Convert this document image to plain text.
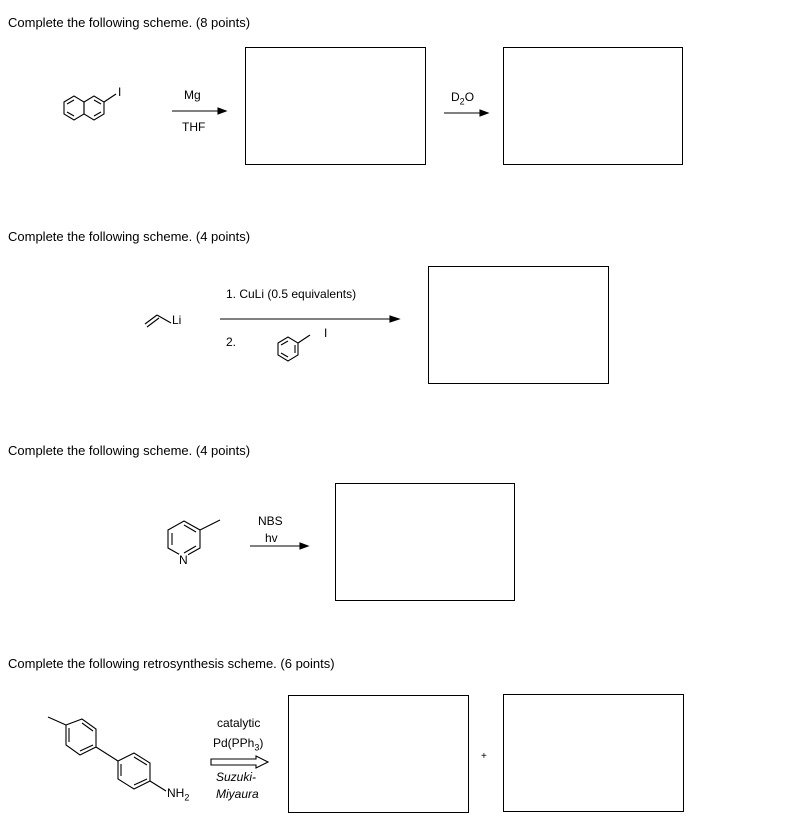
Complete the following scheme. (8 points)
I	Mg
THF
$D_2O$
Complete the following scheme. (4 points)
Li
1. CuLi (0.5 equivalents)
2.
I
Complete the following scheme. (4 points)
N
NBS
hv
Complete the following retrosynthesis scheme. (6 points)
$NH_2$
catalytic
Pd(PPh$_3$)
Suzuki-
Miyaura
+
